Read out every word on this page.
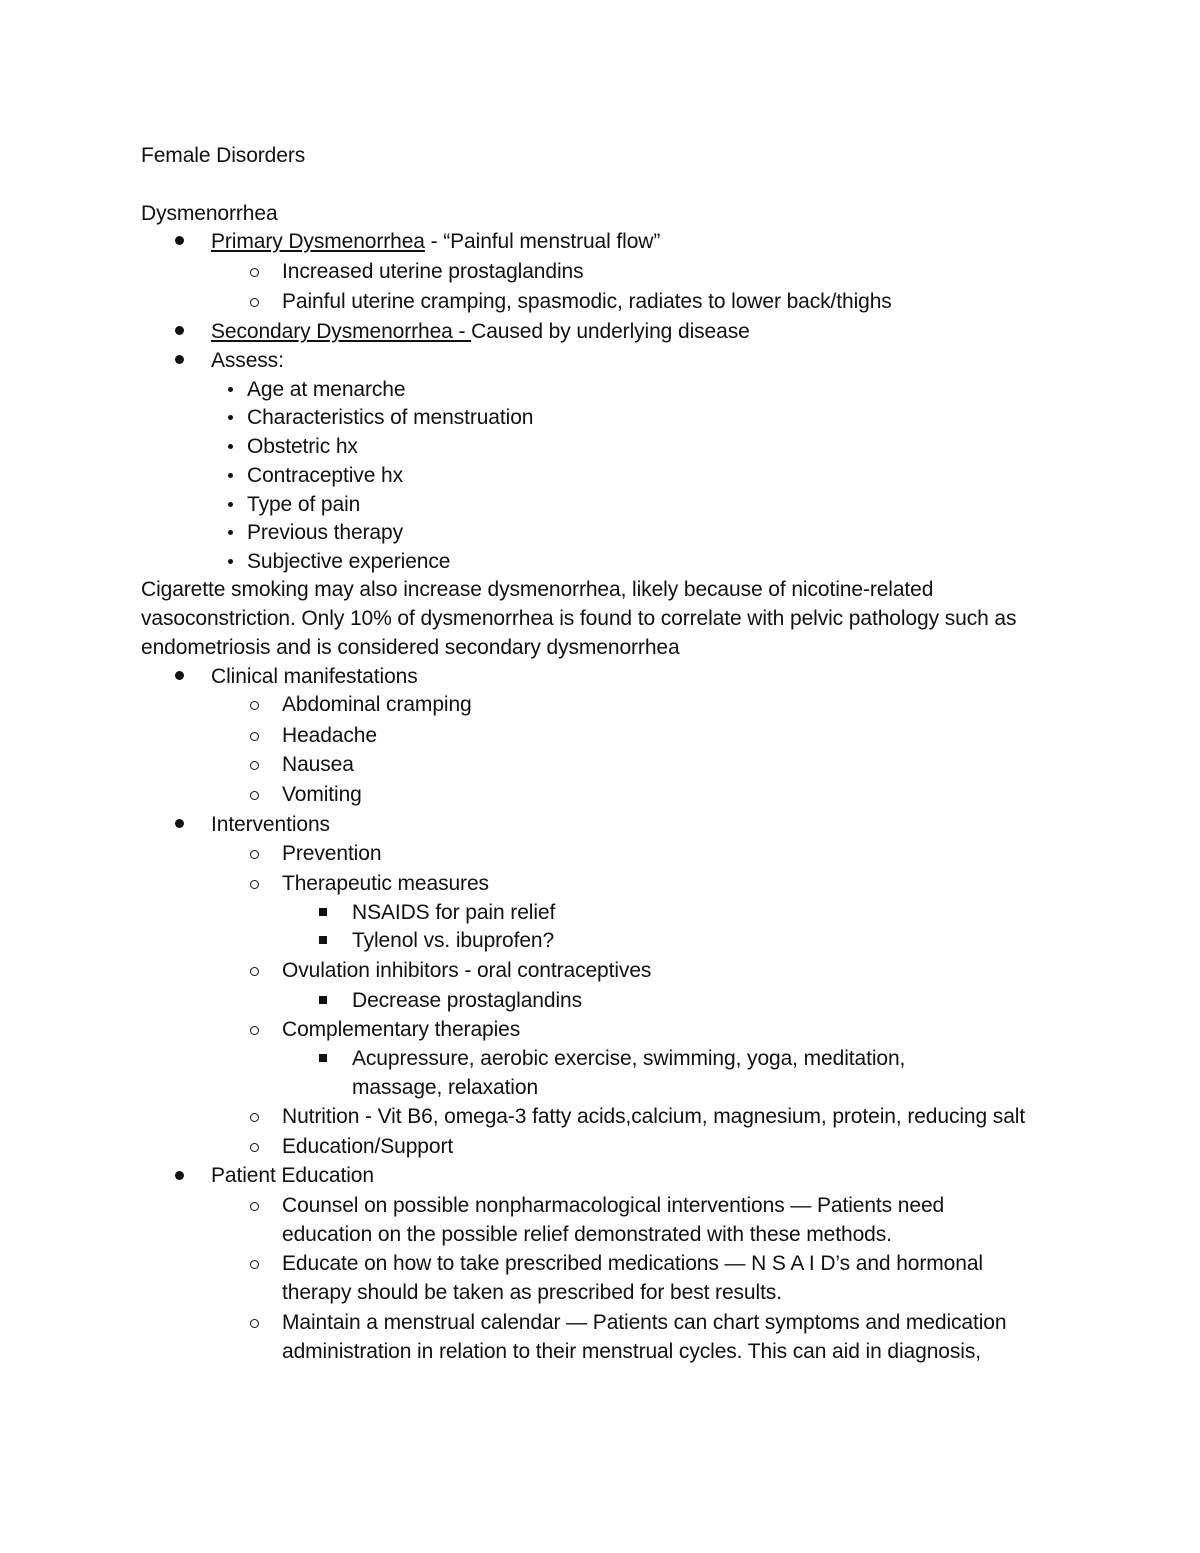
Female Disorders
Dysmenorrhea
Primary Dysmenorrhea - “Painful menstrual flow”
Increased uterine prostaglandins
Painful uterine cramping, spasmodic, radiates to lower back/thighs
Secondary Dysmenorrhea - Caused by underlying disease
Assess:
Age at menarche
Characteristics of menstruation
Obstetric hx
Contraceptive hx
Type of pain
Previous therapy
Subjective experience
Cigarette smoking may also increase dysmenorrhea, likely because of nicotine-related
vasoconstriction. Only 10% of dysmenorrhea is found to correlate with pelvic pathology such as
endometriosis and is considered secondary dysmenorrhea
Clinical manifestations
Abdominal cramping
Headache
Nausea
Vomiting
Interventions
Prevention
Therapeutic measures
NSAIDS for pain relief
Tylenol vs. ibuprofen?
Ovulation inhibitors - oral contraceptives
Decrease prostaglandins
Complementary therapies
Acupressure, aerobic exercise, swimming, yoga, meditation,
massage, relaxation
Nutrition - Vit B6, omega-3 fatty acids,calcium, magnesium, protein, reducing salt
Education/Support
Patient Education
Counsel on possible nonpharmacological interventions — Patients need
education on the possible relief demonstrated with these methods.
Educate on how to take prescribed medications — N S A I D’s and hormonal
therapy should be taken as prescribed for best results.
Maintain a menstrual calendar — Patients can chart symptoms and medication
administration in relation to their menstrual cycles. This can aid in diagnosis,
